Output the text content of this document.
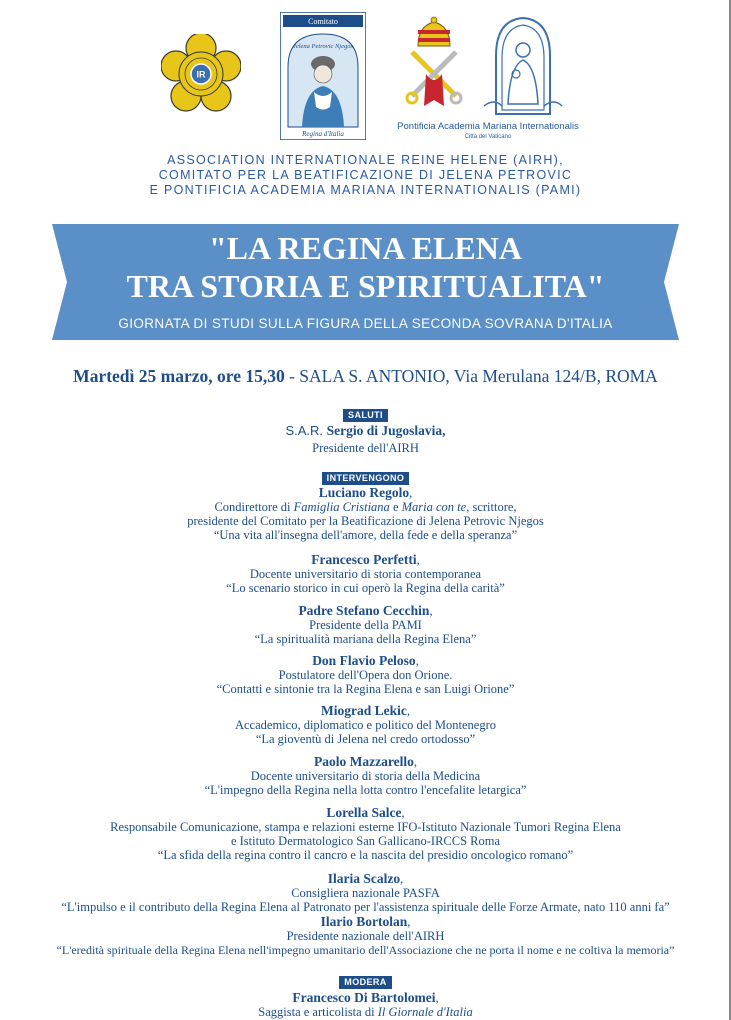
IR
Comitato
Jelena Petrovic Njegos
Regina d'Italia
Pontificia Academia Mariana Internationalis
Città del Vaticano
ASSOCIATION INTERNATIONALE REINE HELENE (AIRH),
COMITATO PER LA BEATIFICAZIONE DI JELENA PETROVIC
E PONTIFICIA ACADEMIA MARIANA INTERNATIONALIS (PAMI)
"LA REGINA ELENA
TRA STORIA E SPIRITUALITA"
GIORNATA DI STUDI SULLA FIGURA DELLA SECONDA SOVRANA D'ITALIA
Martedì 25 marzo, ore 15,30 - SALA S. ANTONIO, Via Merulana 124/B, ROMA
SALUTI
S.A.R. Sergio di Jugoslavia,
Presidente dell'AIRH
INTERVENGONO
Luciano Regolo,
Condirettore di Famiglia Cristiana e Maria con te, scrittore,
presidente del Comitato per la Beatificazione di Jelena Petrovic Njegos
“Una vita all'insegna dell'amore, della fede e della speranza”
Francesco Perfetti,
Docente universitario di storia contemporanea
“Lo scenario storico in cui operò la Regina della carità”
Padre Stefano Cecchin,
Presidente della PAMI
“La spiritualità mariana della Regina Elena”
Don Flavio Peloso,
Postulatore dell'Opera don Orione.
“Contatti e sintonie tra la Regina Elena e san Luigi Orione”
Miograd Lekic,
Accademico, diplomatico e politico del Montenegro
“La gioventù di Jelena nel credo ortodosso”
Paolo Mazzarello,
Docente universitario di storia della Medicina
“L'impegno della Regina nella lotta contro l'encefalite letargica”
Lorella Salce,
Responsabile Comunicazione, stampa e relazioni esterne IFO-Istituto Nazionale Tumori Regina Elena
e Istituto Dermatologico San Gallicano-IRCCS Roma
“La sfida della regina contro il cancro e la nascita del presidio oncologico romano”
Ilaria Scalzo,
Consigliera nazionale PASFA
“L'impulso e il contributo della Regina Elena al Patronato per l'assistenza spirituale delle Forze Armate, nato 110 anni fa”
Ilario Bortolan,
Presidente nazionale dell'AIRH
“L'eredità spirituale della Regina Elena nell'impegno umanitario dell'Associazione che ne porta il nome e ne coltiva la memoria”
MODERA
Francesco Di Bartolomei,
Saggista e articolista di Il Giornale d'Italia
